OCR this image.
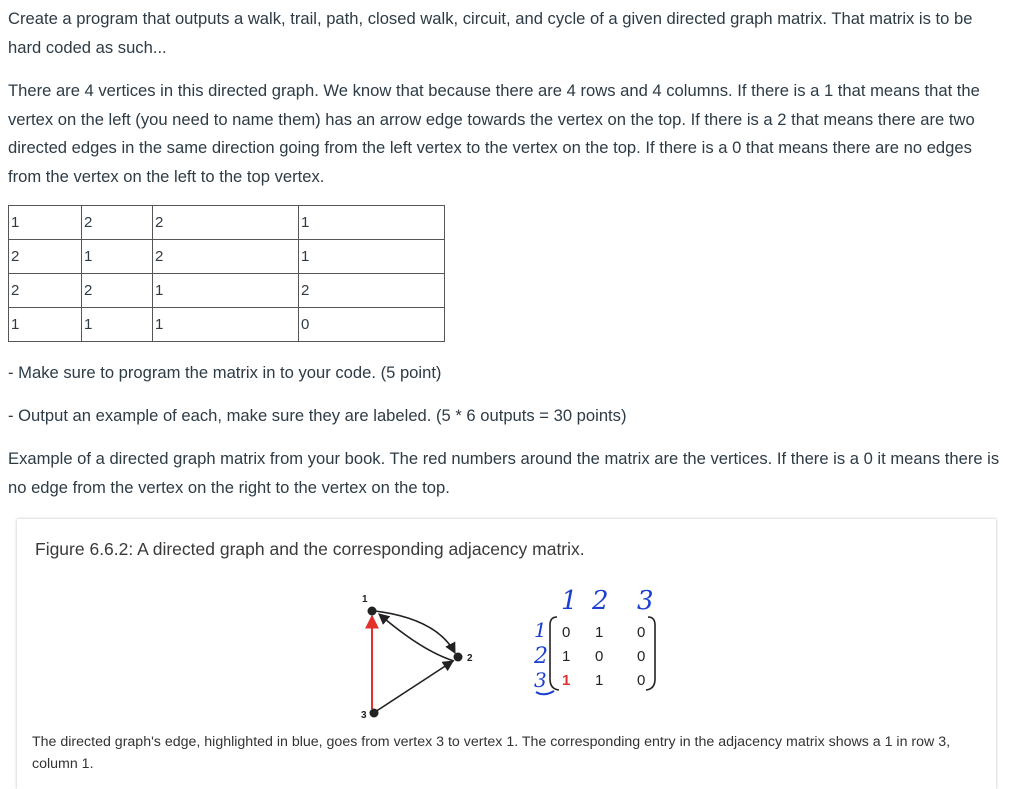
Create a program that outputs a walk, trail, path, closed walk, circuit, and cycle of a given directed graph matrix. That matrix is to be hard coded as such...

There are 4 vertices in this directed graph. We know that because there are 4 rows and 4 columns. If there is a 1 that means that the vertex on the left (you need to name them) has an arrow edge towards the vertex on the top. If there is a 2 that means there are two directed edges in the same direction going from the left vertex to the vertex on the top. If there is a 0 that means there are no edges from the vertex on the left to the top vertex.

1	2	2	1
2	1	2	1
2	2	1	2
1	1	1	0

- Make sure to program the matrix in to your code. (5 point)

- Output an example of each, make sure they are labeled. (5 * 6 outputs = 30 points)

Example of a directed graph matrix from your book. The red numbers around the matrix are the vertices. If there is a 0 it means there is no edge from the vertex on the right to the vertex on the top.

Figure 6.6.2: A directed graph and the corresponding adjacency matrix.
1
2
3
1 2 3
1
2
3
0 1 0
1 0 0
1 1 0

The directed graph's edge, highlighted in blue, goes from vertex 3 to vertex 1. The corresponding entry in the adjacency matrix shows a 1 in row 3, column 1.
